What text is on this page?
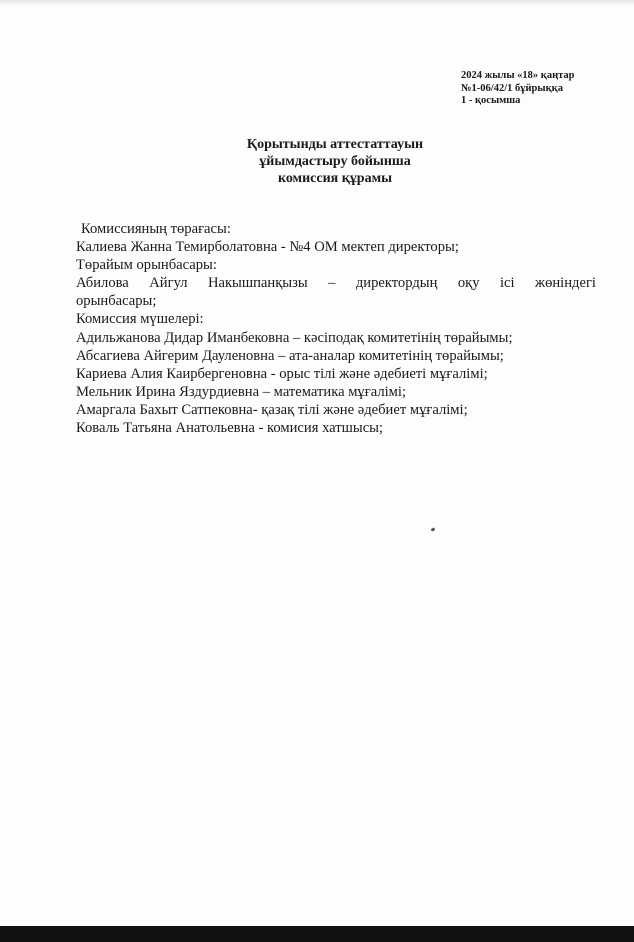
2024 жылы «18» қаңтар
№1-06/42/1 бұйрыққа
1 - қосымша
Қорытынды аттестаттауын
ұйымдастыру бойынша
комиссия құрамы
Комиссияның төрағасы:
Калиева Жанна Темирболатовна - №4 ОМ мектеп директоры;
Төрайым орынбасары:
Абилова Айгул Накышпанқызы – директордың оқу ісі жөніндегі
орынбасары;
Комиссия мүшелері:
Адильжанова Дидар Иманбековна – кәсіподақ комитетінің төрайымы;
Абсагиева Айгерим Дауленовна – ата-аналар комитетінің төрайымы;
Кариева Алия Каирбергеновна - орыс тілі және әдебиеті мұғалімі;
Мельник Ирина Яздурдиевна – математика мұғалімі;
Амаргала Бахыт Сатпековна- қазақ тілі және әдебиет мұғалімі;
Коваль Татьяна Анатольевна - комисия хатшысы;
